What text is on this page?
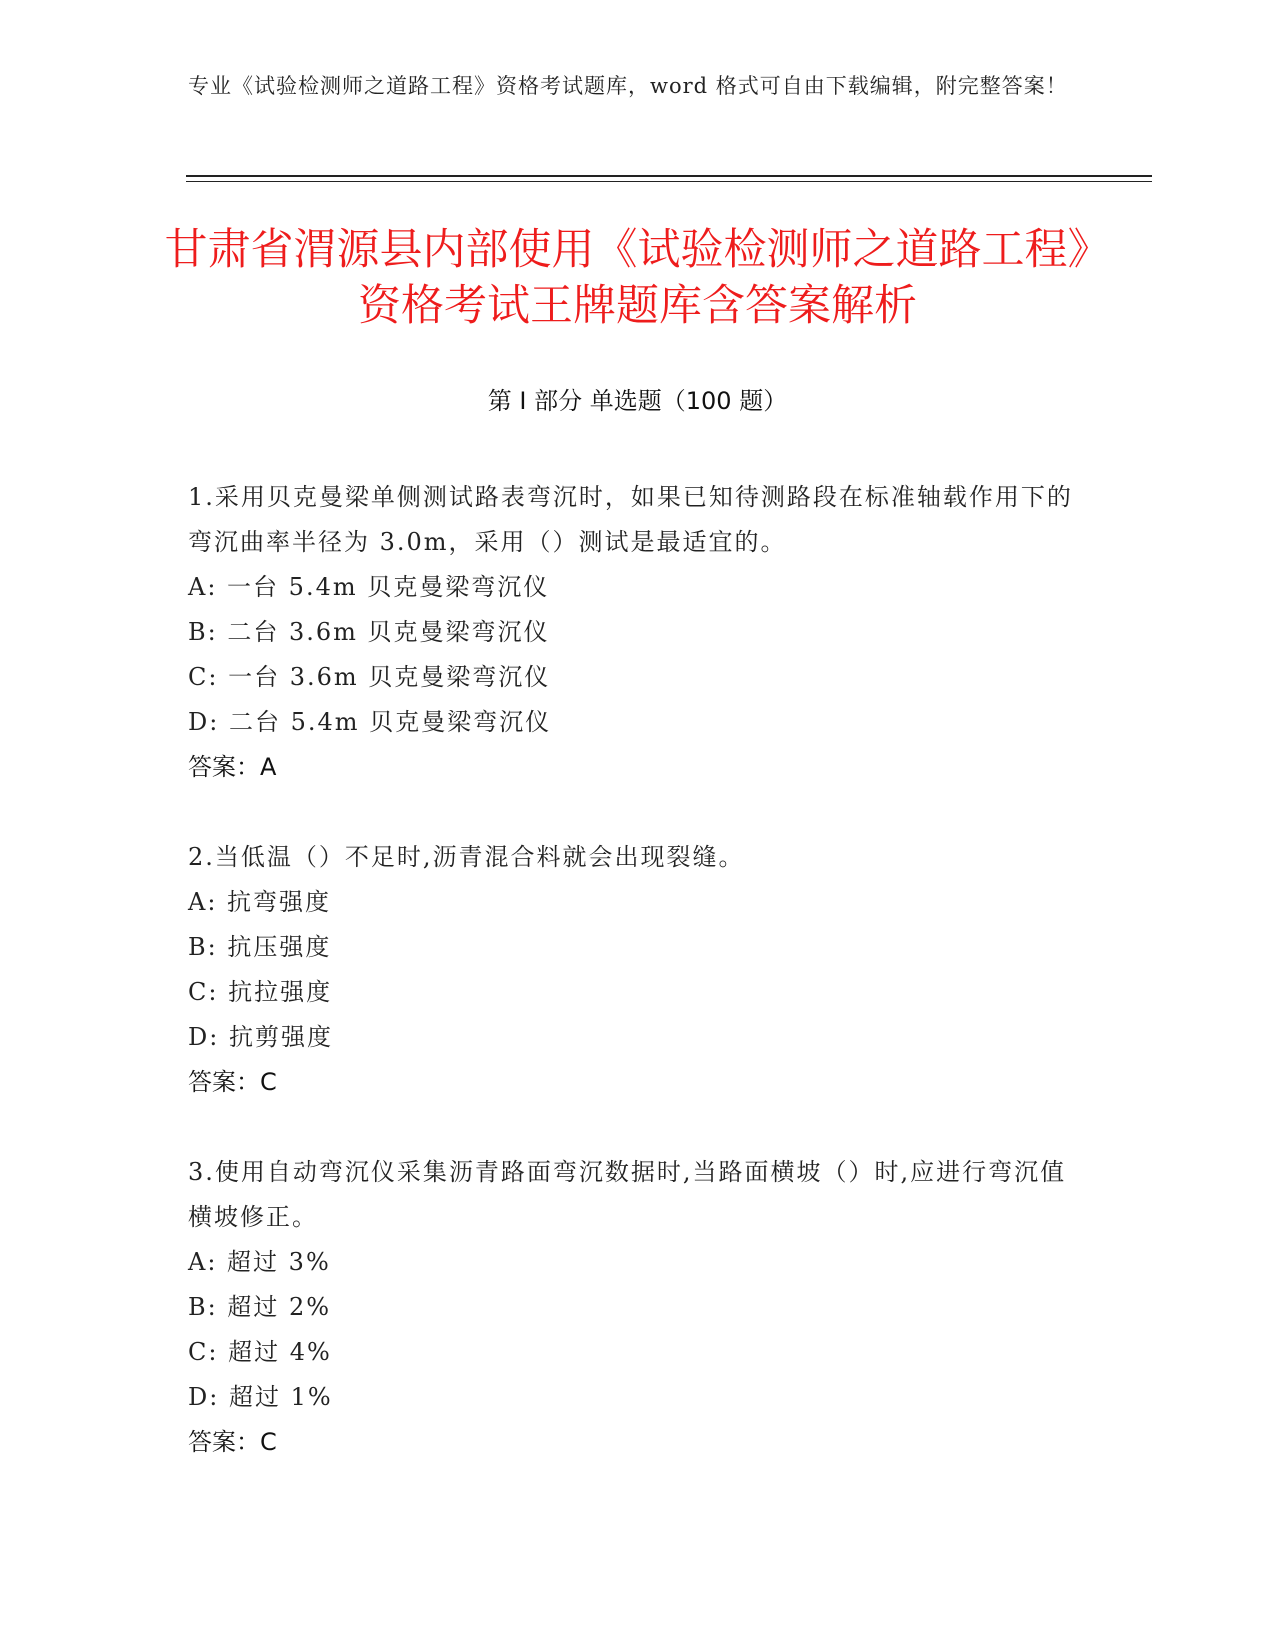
专业《试验检测师之道路工程》资格考试题库，word 格式可自由下载编辑，附完整答案！
甘肃省渭源县内部使用《试验检测师之道路工程》资格考试王牌题库含答案解析
第 I 部分 单选题（100 题）
1.采用贝克曼梁单侧测试路表弯沉时，如果已知待测路段在标准轴载作用下的弯沉曲率半径为 3.0m，采用（）测试是最适宜的。
A: 一台 5.4m 贝克曼梁弯沉仪
B: 二台 3.6m 贝克曼梁弯沉仪
C: 一台 3.6m 贝克曼梁弯沉仪
D: 二台 5.4m 贝克曼梁弯沉仪
答案：A
2.当低温（）不足时,沥青混合料就会出现裂缝。
A: 抗弯强度
B: 抗压强度
C: 抗拉强度
D: 抗剪强度
答案：C
3.使用自动弯沉仪采集沥青路面弯沉数据时,当路面横坡（）时,应进行弯沉值横坡修正。
A: 超过 3%
B: 超过 2%
C: 超过 4%
D: 超过 1%
答案：C
